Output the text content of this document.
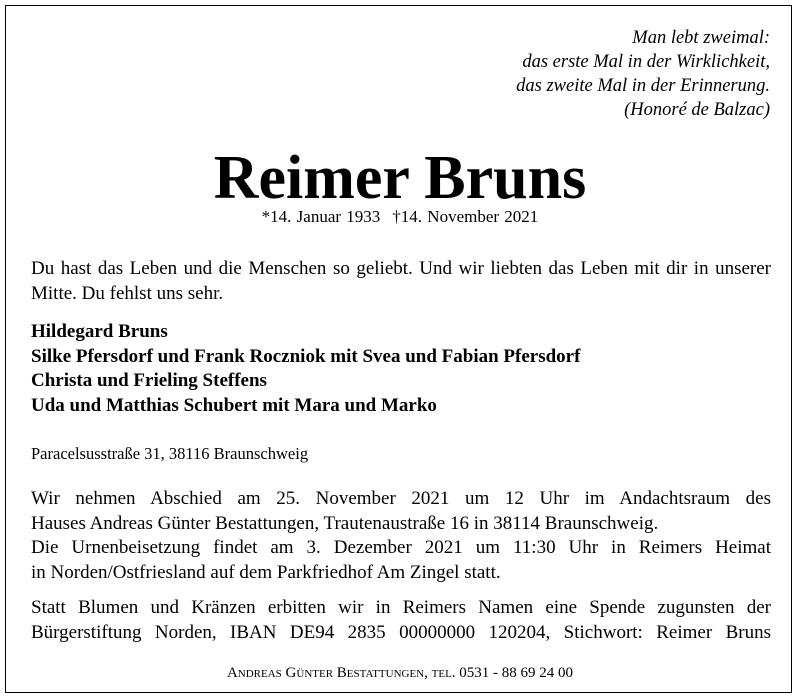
Man lebt zweimal:
das erste Mal in der Wirklichkeit,
das zweite Mal in der Erinnerung.
(Honoré de Balzac)
Reimer Bruns
*14. Januar 1933 †14. November 2021
Du hast das Leben und die Menschen so geliebt. Und wir liebten das Leben mit dir in unserer Mitte. Du fehlst uns sehr.
Hildegard Bruns
Silke Pfersdorf und Frank Roczniok mit Svea und Fabian Pfersdorf
Christa und Frieling Steffens
Uda und Matthias Schubert mit Mara und Marko
Paracelsusstraße 31, 38116 Braunschweig
Wir nehmen Abschied am 25. November 2021 um 12 Uhr im Andachtsraum des
Hauses Andreas Günter Bestattungen, Trautenaustraße 16 in 38114 Braunschweig.
Die Urnenbeisetzung findet am 3. Dezember 2021 um 11:30 Uhr in Reimers Heimat
in Norden/Ostfriesland auf dem Parkfriedhof Am Zingel statt.
Statt Blumen und Kränzen erbitten wir in Reimers Namen eine Spende zugunsten der
Bürgerstiftung Norden, IBAN DE94 2835 00000000 120204, Stichwort: Reimer Bruns
Andreas Günter Bestattungen, tel. 0531 - 88 69 24 00
